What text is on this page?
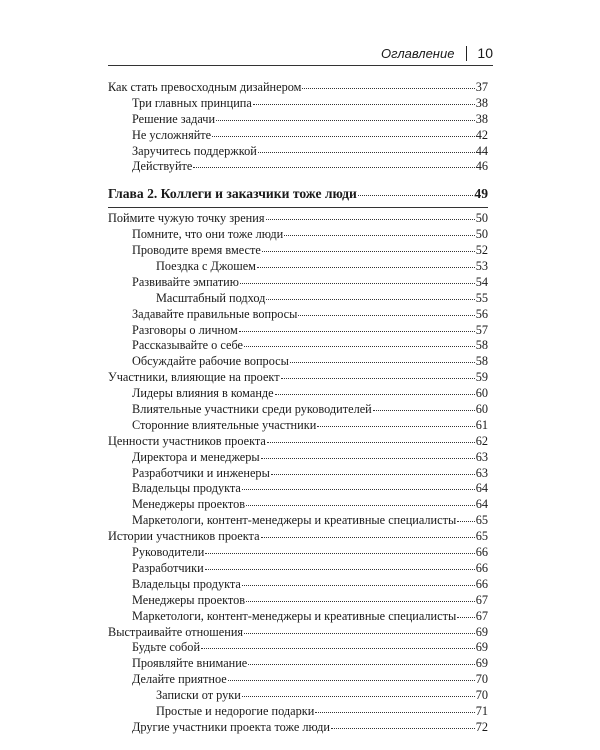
Оглавление 10
Как стать превосходным дизайнером	37
Три главных принципа	38
Решение задачи	38
Не усложняйте	42
Заручитесь поддержкой	44
Действуйте	46
Глава 2. Коллеги и заказчики тоже люди	49
Поймите чужую точку зрения	50
Помните, что они тоже люди	50
Проводите время вместе	52
Поездка с Джошем	53
Развивайте эмпатию	54
Масштабный подход	55
Задавайте правильные вопросы	56
Разговоры о личном	57
Рассказывайте о себе	58
Обсуждайте рабочие вопросы	58
Участники, влияющие на проект	59
Лидеры влияния в команде	60
Влиятельные участники среди руководителей	60
Сторонние влиятельные участники	61
Ценности участников проекта	62
Директора и менеджеры	63
Разработчики и инженеры	63
Владельцы продукта	64
Менеджеры проектов	64
Маркетологи, контент-менеджеры и креативные специалисты 65
Истории участников проекта	65
Руководители	66
Разработчики	66
Владельцы продукта	66
Менеджеры проектов	67
Маркетологи, контент-менеджеры и креативные специалисты 67
Выстраивайте отношения	69
Будьте собой	69
Проявляйте внимание	69
Делайте приятное	70
Записки от руки	70
Простые и недорогие подарки	71
Другие участники проекта тоже люди	72
